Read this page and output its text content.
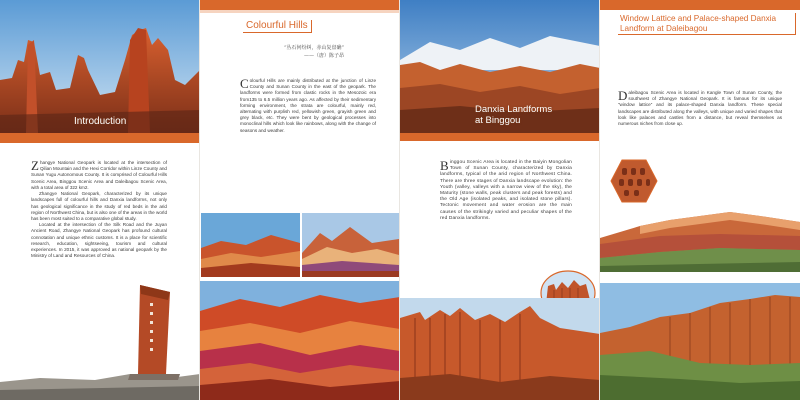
Introduction

Zhangye National Geopark is located at the intersection of Qilian Mountain and the Hexi Corridor within Linze County and Sunan Yugu Autonomous County. It is comprised of Colourful Hills Scenic Area, Binggou Scenic Area and Daleibagou Scenic Area, with a total area of 322 km2.

Zhangye National Geopark, characterized by its unique landscapes full of colourful hills and Danxia landforms, not only has geological significance in the study of red beds in the arid region of Northwest China, but is also one of the areas in the world has been most suited to a comparative global study.

Located at the intersection of the Silk Road and the Juyan Ancient Road, Zhangye National Geopark has profound cultural connotation and unique ethnic customs. It is a place for scientific research, education, sightseeing, tourism and cultural experiences. In 2015, it was approved as national geopark by the Ministry of Land and Resources of China.

Colourful Hills
“丛石何纷纠，赤山复盘确”
——（唐）陈子昂

Colourful Hills are mainly distributed at the junction of Linze County and Sunan County in the east of the geopark. The landforms were formed from clastic rocks in the Mesozoic era from135 to 6.5 million years ago. As affected by their sedimentary forming environment, the strata are colourful, mainly red, alternating with purplish red, yellowish green, grayish green and grey black, etc. They were bent by geological processes into monoclinal hills which look like rainbows, along with the change of seasons and weather.

Danxia Landforms
at Binggou

Binggou Scenic Area is located in the Baiyin Mongolian Town of Sunan County, characterized by Danxia landforms, typical of the arid region of Northwest China. There are three stages of Danxia landscape evolution: the Youth (valley, valleys with a narrow view of the sky), the Maturity (stone walls, peak clusters and peak forests) and the Old Age (isolated peaks, and isolated stone pillars). Tectonic movement and water erosion are the main causes of the strikingly varied and peculiar shapes of the red Danxia landforms.

Window Lattice and Palace-shaped Danxia Landform at Daleibagou

Daleibagou Scenic Area is located in Kangle Town of Sunan County, the southwest of Zhangye National Geopark. It is famous for its unique “window lattice” and its palace-shaped Danxia landform. These special landscapes are distributed along the valleys, with unique and varied shapes that look like palaces and castles from a distance, but reveal themselves as numerous niches from close up.
